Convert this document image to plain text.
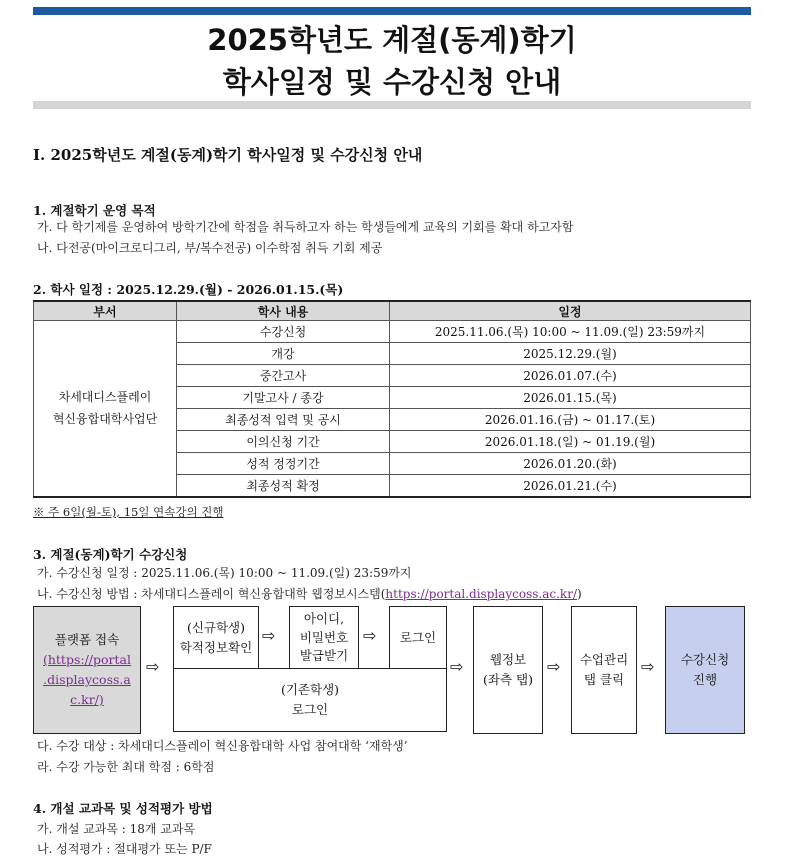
2025학년도 계절(동계)학기
학사일정 및 수강신청 안내
I. 2025학년도 계절(동계)학기 학사일정 및 수강신청 안내
1. 계절학기 운영 목적
가. 다 학기제를 운영하여 방학기간에 학점을 취득하고자 하는 학생들에게 교육의 기회를 확대 하고자함
나. 다전공(마이크로디그리, 부/복수전공) 이수학점 취득 기회 제공
2. 학사 일정 : 2025.12.29.(월) - 2026.01.15.(목)
부서	학사 내용	일정

차세대디스플레이
혁신융합대학사업단	수강신청	2025.11.06.(목) 10:00 ~ 11.09.(일) 23:59까지
	개강	2025.12.29.(월)
	중간고사	2026.01.07.(수)
	기말고사 / 종강	2026.01.15.(목)
	최종성적 입력 및 공시	2026.01.16.(금) ~ 01.17.(토)
	이의신청 기간	2026.01.18.(일) ~ 01.19.(월)
	성적 정정기간	2026.01.20.(화)
	최종성적 확정	2026.01.21.(수)
※ 주 6일(월-토), 15일 연속강의 진행
3. 계절(동계)학기 수강신청
가. 수강신청 일정 : 2025.11.06.(목) 10:00 ~ 11.09.(일) 23:59까지
나. 수강신청 방법 : 차세대디스플레이 혁신융합대학 웹정보시스템(https://portal.displaycoss.ac.kr/)
플랫폼 접속
(https://portal
.displaycoss.a
c.kr/)
⇨
(신규학생)
학적정보확인
⇨
아이디,
비밀번호
발급받기
⇨ 로그인
(기존학생)
로그인
⇨	웹정보
(좌측 탭)
⇨ 수업관리
탭 클릭
⇨ 수강신청
진행
다. 수강 대상 : 차세대디스플레이 혁신융합대학 사업 참여대학 ‘재학생’
라. 수강 가능한 최대 학점 : 6학점
4. 개설 교과목 및 성적평가 방법
가. 개설 교과목 : 18개 교과목
나. 성적평가 : 절대평가 또는 P/F
